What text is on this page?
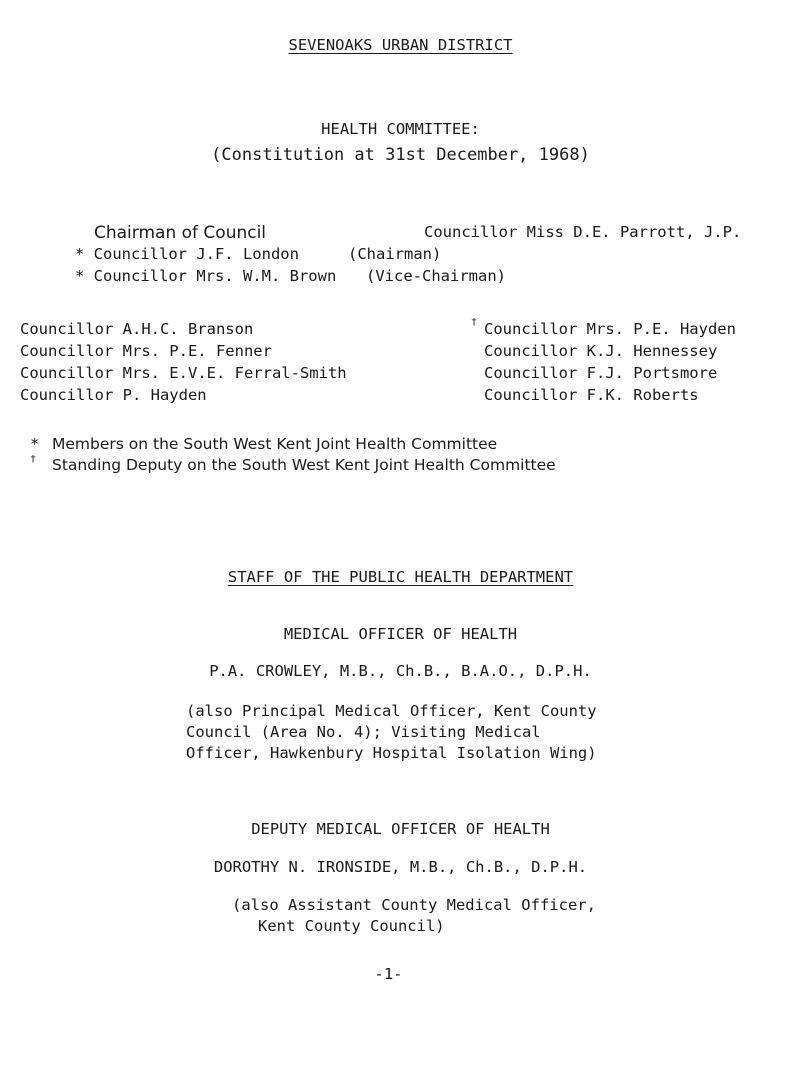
SEVENOAKS URBAN DISTRICT
HEALTH COMMITTEE:
(Constitution at 31st December, 1968)
Chairman of Council	Councillor Miss D.E. Parrott, J.P.
* Councillor J.F. London	(Chairman)
* Councillor Mrs. W.M. Brown (Vice-Chairman)
Councillor A.H.C. Branson
Councillor Mrs. P.E. Fenner
Councillor Mrs. E.V.E. Ferral-Smith
Councillor P. Hayden
† Councillor Mrs. P.E. Hayden
Councillor K.J. Hennessey
Councillor F.J. Portsmore
Councillor F.K. Roberts
* Members on the South West Kent Joint Health Committee
† Standing Deputy on the South West Kent Joint Health Committee
STAFF OF THE PUBLIC HEALTH DEPARTMENT
MEDICAL OFFICER OF HEALTH
P.A. CROWLEY, M.B., Ch.B., B.A.O., D.P.H.
(also Principal Medical Officer, Kent County
Council (Area No. 4); Visiting Medical
Officer, Hawkenbury Hospital Isolation Wing)
DEPUTY MEDICAL OFFICER OF HEALTH
DOROTHY N. IRONSIDE, M.B., Ch.B., D.P.H.
(also Assistant County Medical Officer,
Kent County Council)
-1-
